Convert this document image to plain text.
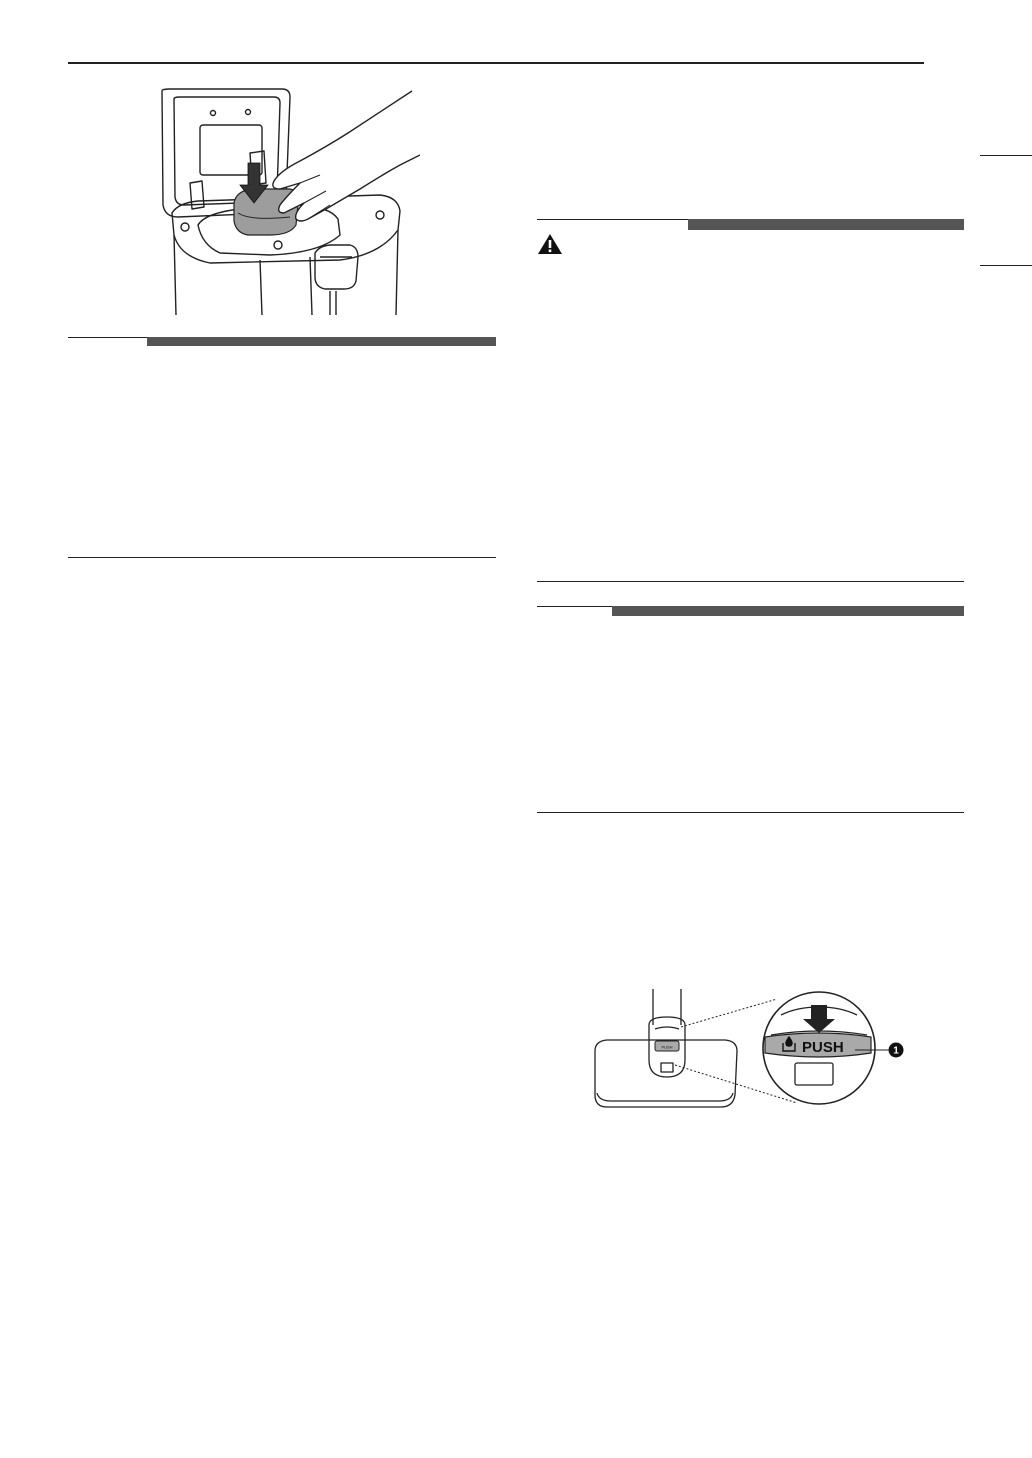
PUSH	PUSH	1
